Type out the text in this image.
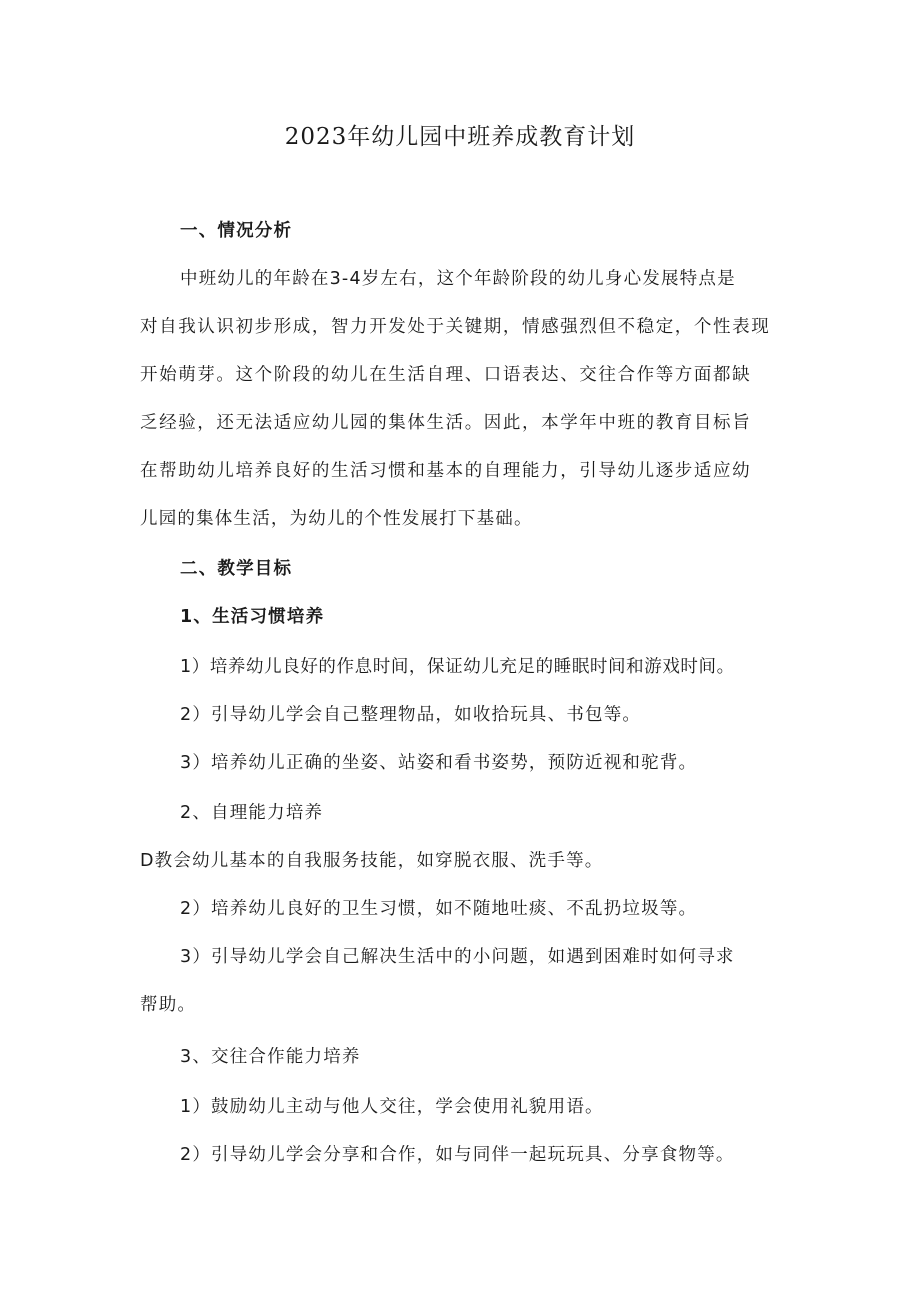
2023年幼儿园中班养成教育计划
一、情况分析
中班幼儿的年龄在3-4岁左右，这个年龄阶段的幼儿身心发展特点是
对自我认识初步形成，智力开发处于关键期，情感强烈但不稳定，个性表现
开始萌芽。这个阶段的幼儿在生活自理、口语表达、交往合作等方面都缺
乏经验，还无法适应幼儿园的集体生活。因此，本学年中班的教育目标旨
在帮助幼儿培养良好的生活习惯和基本的自理能力，引导幼儿逐步适应幼
儿园的集体生活，为幼儿的个性发展打下基础。
二、教学目标
1、生活习惯培养
1）培养幼儿良好的作息时间，保证幼儿充足的睡眠时间和游戏时间。
2）引导幼儿学会自己整理物品，如收拾玩具、书包等。
3）培养幼儿正确的坐姿、站姿和看书姿势，预防近视和驼背。
2、自理能力培养
D教会幼儿基本的自我服务技能，如穿脱衣服、洗手等。
2）培养幼儿良好的卫生习惯，如不随地吐痰、不乱扔垃圾等。
3）引导幼儿学会自己解决生活中的小问题，如遇到困难时如何寻求
帮助。
3、交往合作能力培养
1）鼓励幼儿主动与他人交往，学会使用礼貌用语。
2）引导幼儿学会分享和合作，如与同伴一起玩玩具、分享食物等。
